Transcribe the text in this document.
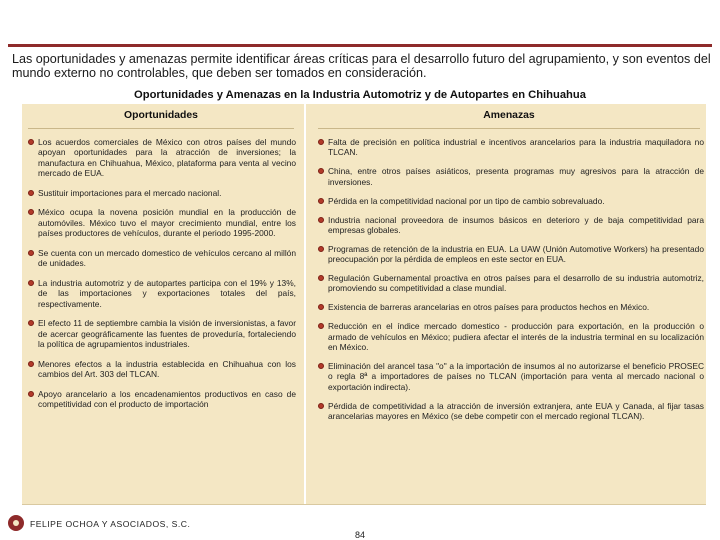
Las oportunidades y amenazas permite identificar áreas críticas para el desarrollo futuro del agrupamiento, y son eventos del mundo externo no controlables, que deben ser tomados en consideración.

Oportunidades y Amenazas en la Industria Automotriz y de Autopartes en Chihuahua
Oportunidades
Los acuerdos comerciales de México con otros países del mundo apoyan oportunidades para la atracción de inversiones; la manufactura en Chihuahua, México, plataforma para venta al vecino mercado de EUA.
Sustituir importaciones para el mercado nacional.
México ocupa la novena posición mundial en la producción de automóviles. México tuvo el mayor crecimiento mundial, entre los países productores de vehículos, durante el periodo 1995-2000.
Se cuenta con un mercado domestico de vehículos cercano al millón de unidades.
La industria automotriz y de autopartes participa con el 19% y 13%, de las importaciones y exportaciones totales del país, respectivamente.
El efecto 11 de septiembre cambia la visión de inversionistas, a favor de acercar geográficamente las fuentes de proveduría, fortaleciendo la política de agrupamientos industriales.
Menores efectos a la industria establecida en Chihuahua con los cambios del Art. 303 del TLCAN.
Apoyo arancelario a los encadenamientos productivos en caso de competitividad con el producto de importación
Amenazas
Falta de precisión en política industrial e incentivos arancelarios para la industria maquiladora no TLCAN.
China, entre otros países asiáticos, presenta programas muy agresivos para la atracción de inversiones.
Pérdida en la competitividad nacional por un tipo de cambio sobrevaluado.
Industria nacional proveedora de insumos básicos en deterioro y de baja competitividad para empresas globales.
Programas de retención de la industria en EUA. La UAW (Unión Automotive Workers) ha presentado preocupación por la pérdida de empleos en este sector en EUA.
Regulación Gubernamental proactiva en otros países para el desarrollo de su industria automotriz, promoviendo su competitividad a clase mundial.
Existencia de barreras arancelarias en otros países para productos hechos en México.
Reducción en el índice mercado domestico - producción para exportación, en la producción o armado de vehículos en México; pudiera afectar el interés de la industria terminal en su localización en México.
Eliminación del arancel tasa "o" a la importación de insumos al no autorizarse el beneficio PROSEC o regla 8ª a importadores de países no TLCAN (importación para venta al mercado nacional o exportación indirecta).
Pérdida de competitividad a la atracción de inversión extranjera, ante EUA y Canada, al fijar tasas arancelarias mayores en México (se debe competir con el mercado regional TLCAN).
FELIPE OCHOA Y ASOCIADOS, S.C.
84
